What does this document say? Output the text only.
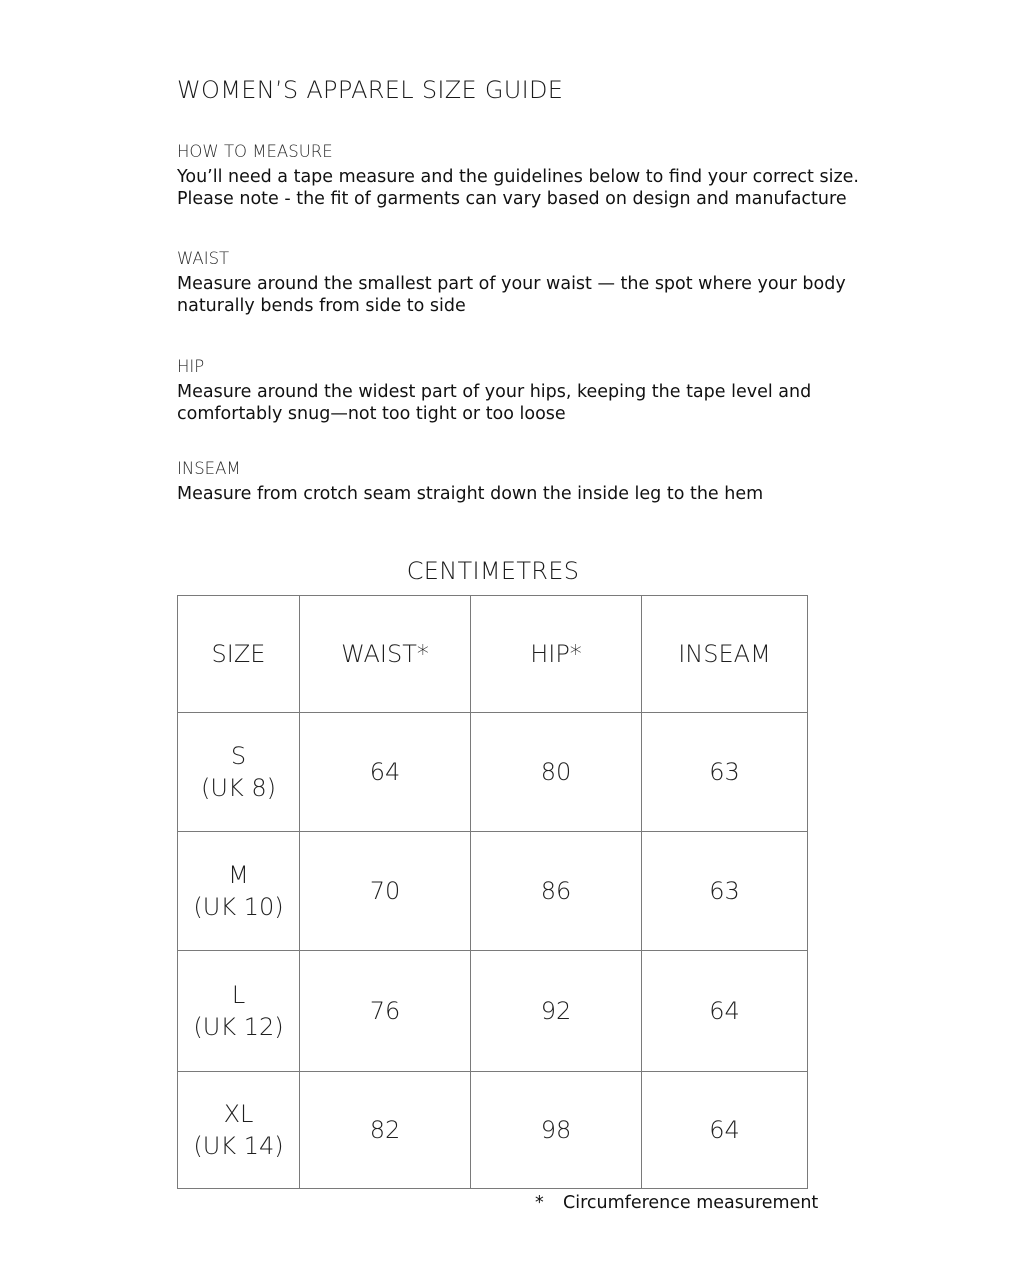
WOMEN’S APPAREL SIZE GUIDE
HOW TO MEASURE

You’ll need a tape measure and the guidelines below to find your correct size.
Please note - the fit of garments can vary based on design and manufacture

WAIST

Measure around the smallest part of your waist — the spot where your body
naturally bends from side to side

HIP

Measure around the widest part of your hips, keeping the tape level and
comfortably snug—not too tight or too loose

INSEAM

Measure from crotch seam straight down the inside leg to the hem

CENTIMETRES
SIZE	WAIST*	HIP*	INSEAM

S
(UK 8)	64	80	63

M
(UK 10)	70	86	63

L
(UK 12)	76	92	64

XL
(UK 14)	82	98	64

* Circumference measurement
